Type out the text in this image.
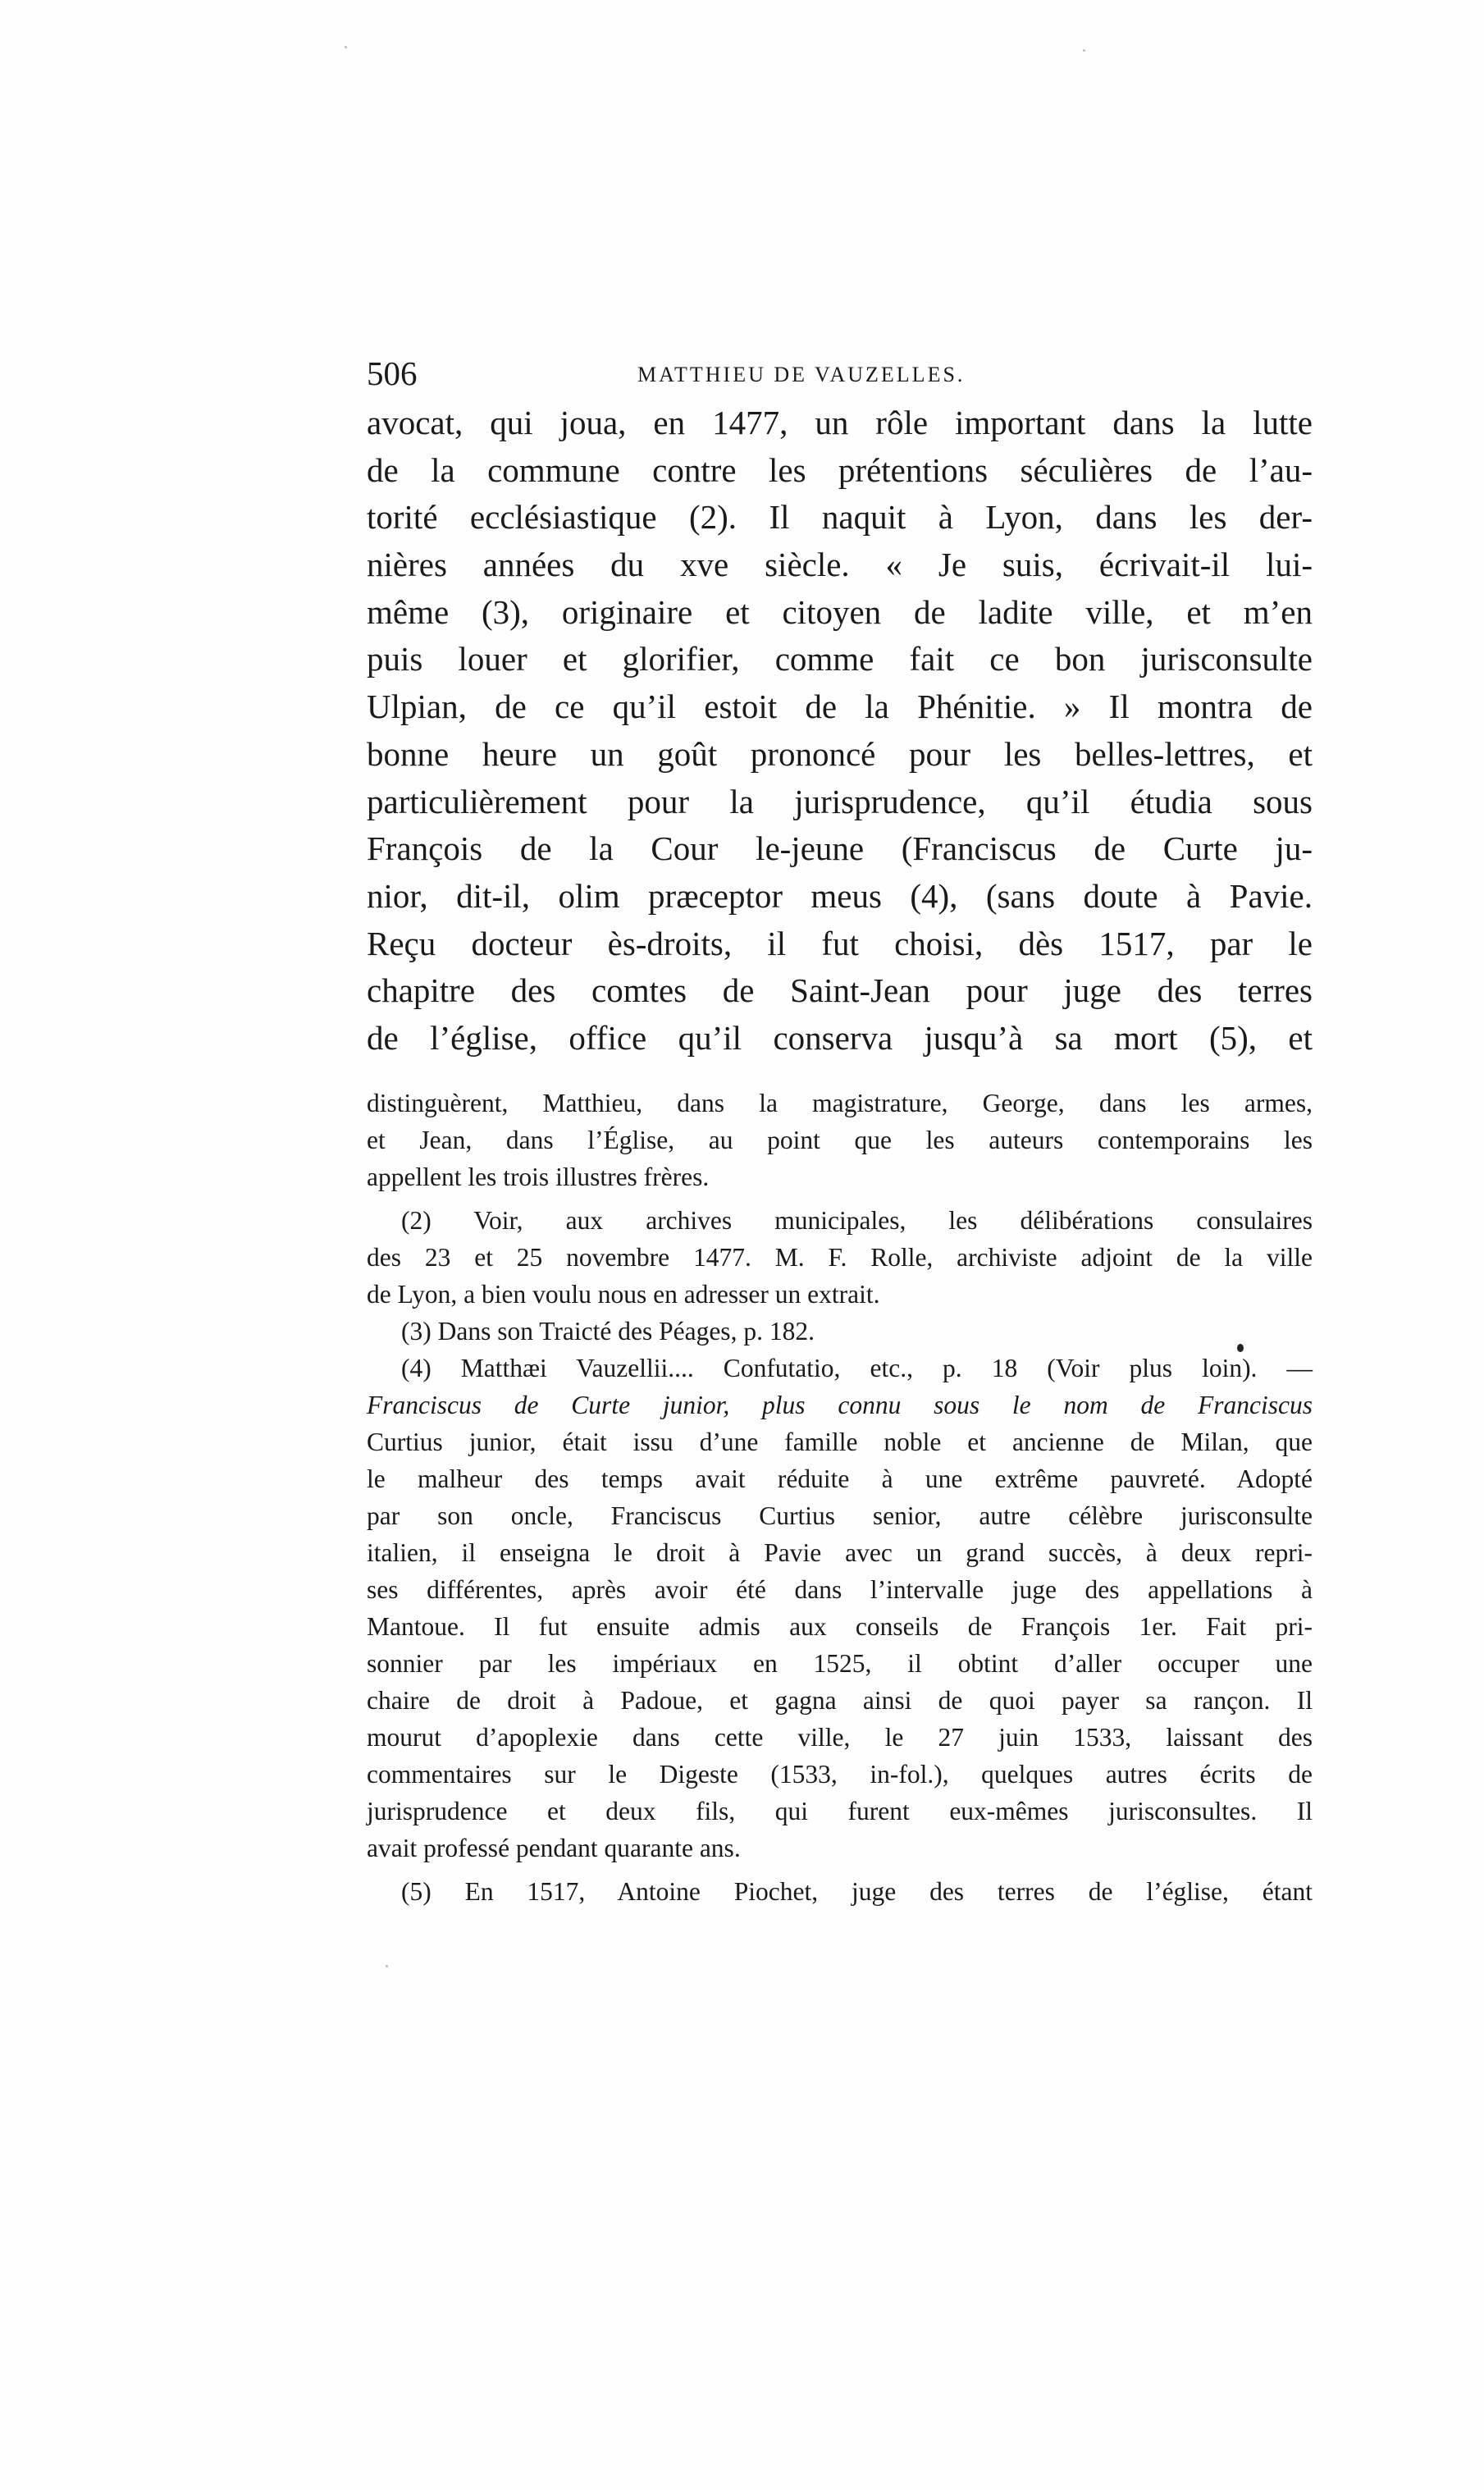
506	MATTHIEU DE VAUZELLES.
avocat, qui joua, en 1477, un rôle important dans la lutte
de la commune contre les prétentions séculières de l’au-
torité ecclésiastique (2). Il naquit à Lyon, dans les der-
nières années du xve siècle. « Je suis, écrivait-il lui-
même (3), originaire et citoyen de ladite ville, et m’en
puis louer et glorifier, comme fait ce bon jurisconsulte
Ulpian, de ce qu’il estoit de la Phénitie. » Il montra de
bonne heure un goût prononcé pour les belles-lettres, et
particulièrement pour la jurisprudence, qu’il étudia sous
François de la Cour le-jeune (Franciscus de Curte ju-
nior, dit-il, olim præceptor meus (4), (sans doute à Pavie.
Reçu docteur ès-droits, il fut choisi, dès 1517, par le
chapitre des comtes de Saint-Jean pour juge des terres
de l’église, office qu’il conserva jusqu’à sa mort (5), et
distinguèrent, Matthieu, dans la magistrature, George, dans les armes,
et Jean, dans l’Église, au point que les auteurs contemporains les
appellent les trois illustres frères.
(2) Voir, aux archives municipales, les délibérations consulaires
des 23 et 25 novembre 1477. M. F. Rolle, archiviste adjoint de la ville
de Lyon, a bien voulu nous en adresser un extrait.
(3) Dans son Traicté des Péages, p. 182.
(4) Matthæi Vauzellii.... Confutatio, etc., p. 18 (Voir plus loin). —
Franciscus de Curte junior, plus connu sous le nom de Franciscus
Curtius junior, était issu d’une famille noble et ancienne de Milan, que
le malheur des temps avait réduite à une extrême pauvreté. Adopté
par son oncle, Franciscus Curtius senior, autre célèbre jurisconsulte
italien, il enseigna le droit à Pavie avec un grand succès, à deux repri-
ses différentes, après avoir été dans l’intervalle juge des appellations à
Mantoue. Il fut ensuite admis aux conseils de François 1er. Fait pri-
sonnier par les impériaux en 1525, il obtint d’aller occuper une
chaire de droit à Padoue, et gagna ainsi de quoi payer sa rançon. Il
mourut d’apoplexie dans cette ville, le 27 juin 1533, laissant des
commentaires sur le Digeste (1533, in-fol.), quelques autres écrits de
jurisprudence et deux fils, qui furent eux-mêmes jurisconsultes. Il
avait professé pendant quarante ans.
(5) En 1517, Antoine Piochet, juge des terres de l’église, étant
